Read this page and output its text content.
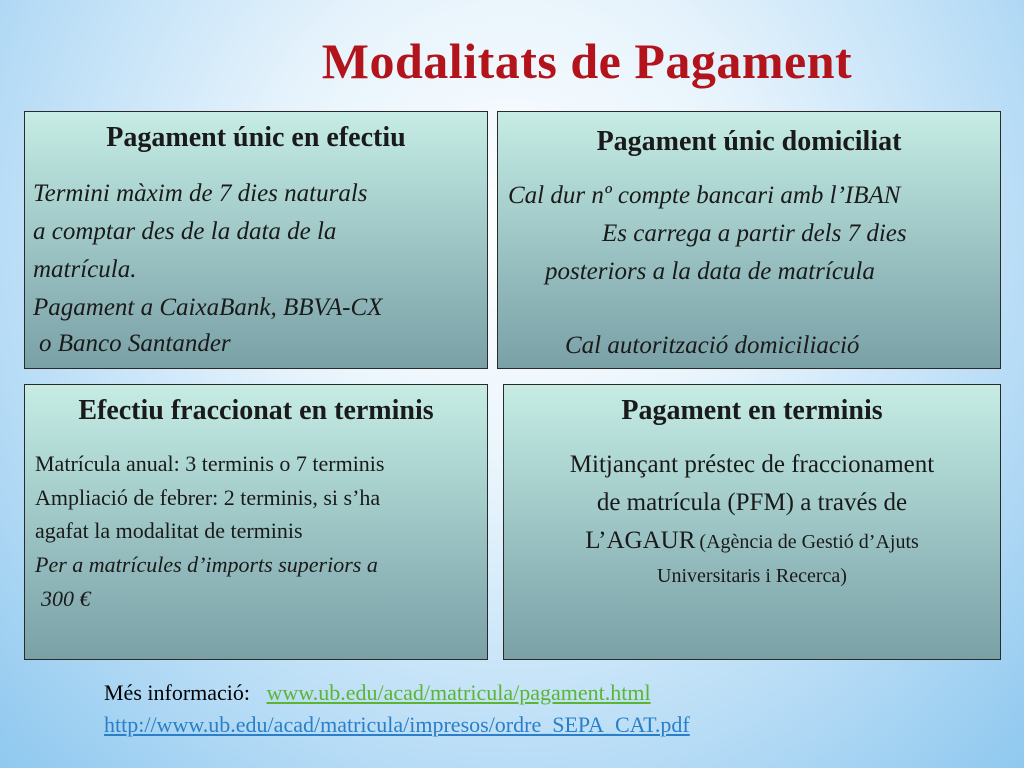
Modalitats de Pagament
Pagament únic en efectiu
Termini màxim de 7 dies naturals
a comptar des de la data de la
matrícula.
Pagament a CaixaBank, BBVA-CX
o Banco Santander
Pagament únic domiciliat
Cal dur nº compte bancari amb l’IBAN
Es carrega a partir dels 7 dies
posteriors a la data de matrícula
Cal autorització domiciliació
Efectiu fraccionat en terminis
Matrícula anual: 3 terminis o 7 terminis
Ampliació de febrer: 2 terminis, si s’ha
agafat la modalitat de terminis
Per a matrícules d’imports superiors a
300 €
Pagament en terminis
Mitjançant préstec de fraccionament
de matrícula (PFM) a través de
L’AGAUR (Agència de Gestió d’Ajuts
Universitaris i Recerca)
Més informació: www.ub.edu/acad/matricula/pagament.html
http://www.ub.edu/acad/matricula/impresos/ordre_SEPA_CAT.pdf
